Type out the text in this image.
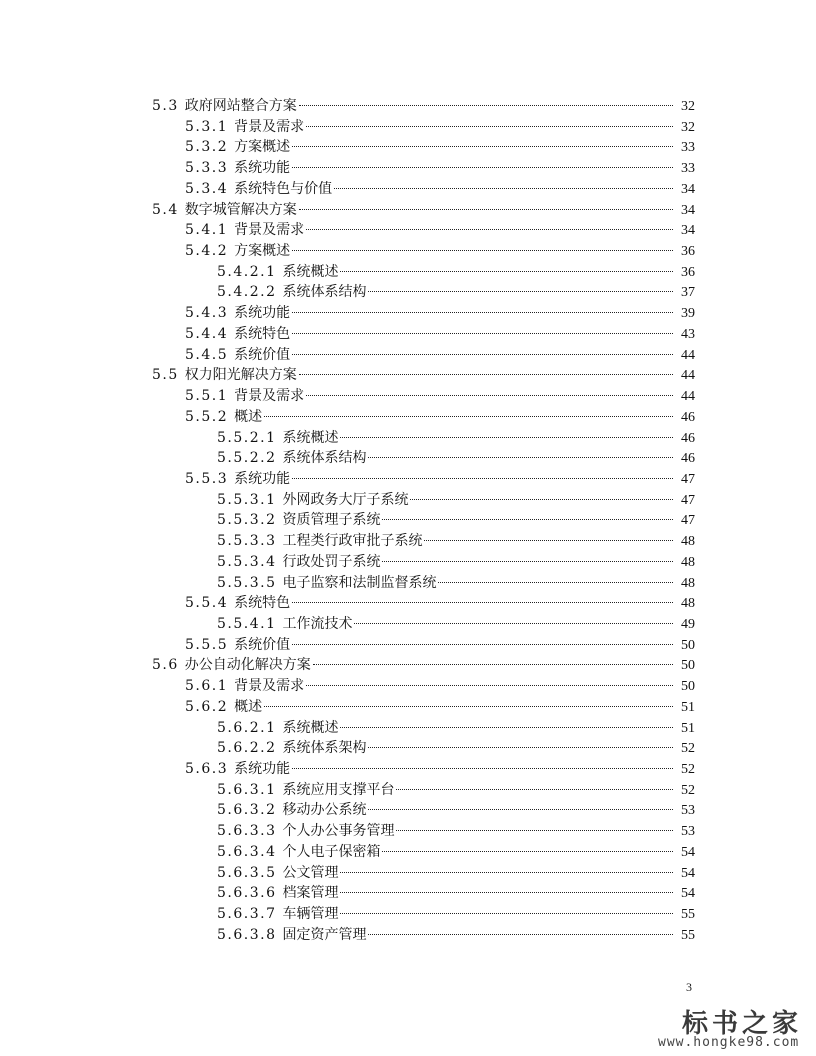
5.3 政府网站整合方案	32
5.3.1 背景及需求	32
5.3.2 方案概述	33
5.3.3 系统功能	33
5.3.4 系统特色与价值	34
5.4 数字城管解决方案	34
5.4.1 背景及需求	34
5.4.2 方案概述	36
5.4.2.1 系统概述	36
5.4.2.2 系统体系结构	37
5.4.3 系统功能	39
5.4.4 系统特色	43
5.4.5 系统价值	44
5.5 权力阳光解决方案	44
5.5.1 背景及需求	44
5.5.2 概述	46
5.5.2.1 系统概述	46
5.5.2.2 系统体系结构	46
5.5.3 系统功能	47
5.5.3.1 外网政务大厅子系统	47
5.5.3.2 资质管理子系统	47
5.5.3.3 工程类行政审批子系统	48
5.5.3.4 行政处罚子系统	48
5.5.3.5 电子监察和法制监督系统	48
5.5.4 系统特色	48
5.5.4.1 工作流技术	49
5.5.5 系统价值	50
5.6 办公自动化解决方案	50
5.6.1 背景及需求	50
5.6.2 概述	51
5.6.2.1 系统概述	51
5.6.2.2 系统体系架构	52
5.6.3 系统功能	52
5.6.3.1 系统应用支撑平台	52
5.6.3.2 移动办公系统	53
5.6.3.3 个人办公事务管理	53
5.6.3.4 个人电子保密箱	54
5.6.3.5 公文管理	54
5.6.3.6 档案管理	54
5.6.3.7 车辆管理	55
5.6.3.8 固定资产管理	55
3
标书之家
www.hongke98.com
